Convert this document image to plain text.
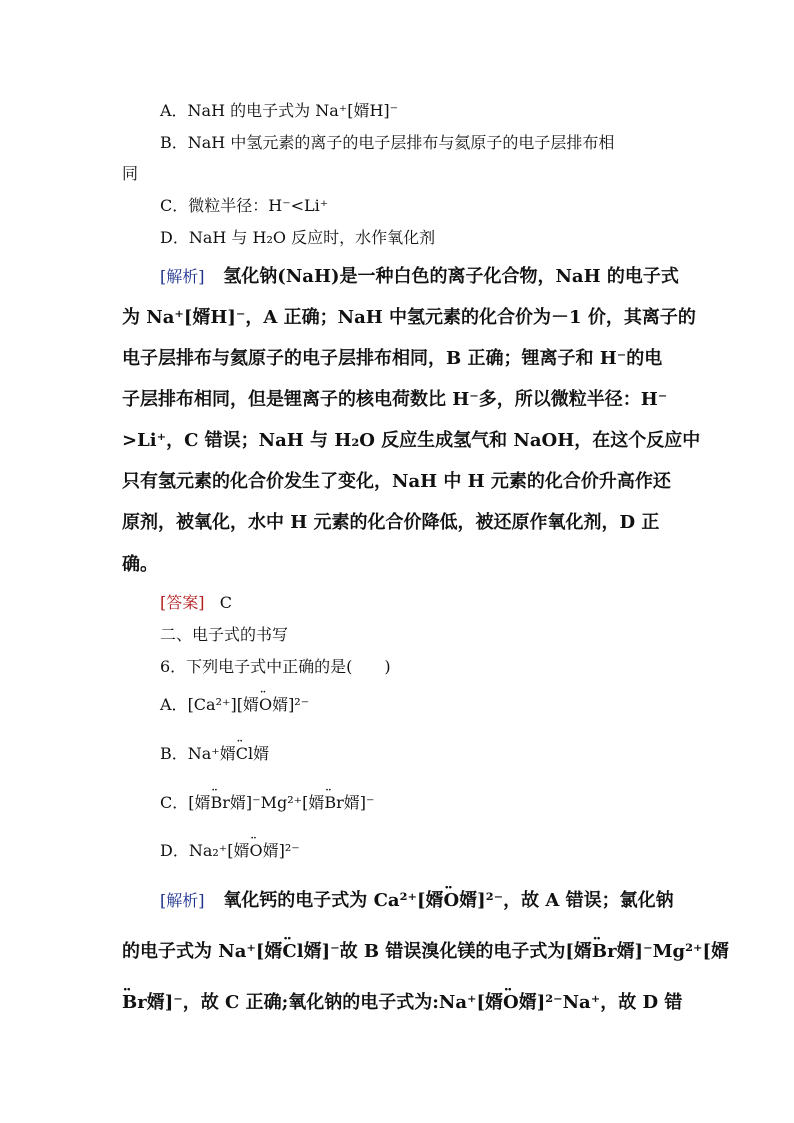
A．NaH 的电子式为 Na⁺[婿H]⁻
B．NaH 中氢元素的离子的电子层排布与氦原子的电子层排布相
同
C．微粒半径：H⁻<Li⁺
D．NaH 与 H₂O 反应时，水作氧化剂
[解析] 氢化钠(NaH)是一种白色的离子化合物，NaH 的电子式
为 Na⁺[婿H]⁻，A 正确；NaH 中氢元素的化合价为－1 价，其离子的
电子层排布与氦原子的电子层排布相同，B 正确；锂离子和 H⁻的电
子层排布相同，但是锂离子的核电荷数比 H⁻多，所以微粒半径：H⁻
>Li⁺，C 错误；NaH 与 H₂O 反应生成氢气和 NaOH，在这个反应中
只有氢元素的化合价发生了变化，NaH 中 H 元素的化合价升高作还
原剂，被氧化，水中 H 元素的化合价降低，被还原作氧化剂，D 正
确。
[答案] C
二、电子式的书写
6．下列电子式中正确的是(　　)
A．[Ca²⁺][婿·· O婿]²⁻
B．Na⁺婿·· Cl婿
C．[婿·· Br婿]⁻Mg²⁺[婿·· Br婿]⁻
D．Na₂⁺[婿·· O婿]²⁻
[解析] 氧化钙的电子式为 Ca²⁺[婿·· O婿]²⁻，故 A 错误；氯化钠
的电子式为 Na⁺[婿·· Cl婿]⁻故 B 错误溴化镁的电子式为[婿·· Br婿]⁻Mg²⁺[婿
·· Br婿]⁻，故 C 正确;氧化钠的电子式为:Na⁺[婿·· O婿]²⁻Na⁺，故 D 错
